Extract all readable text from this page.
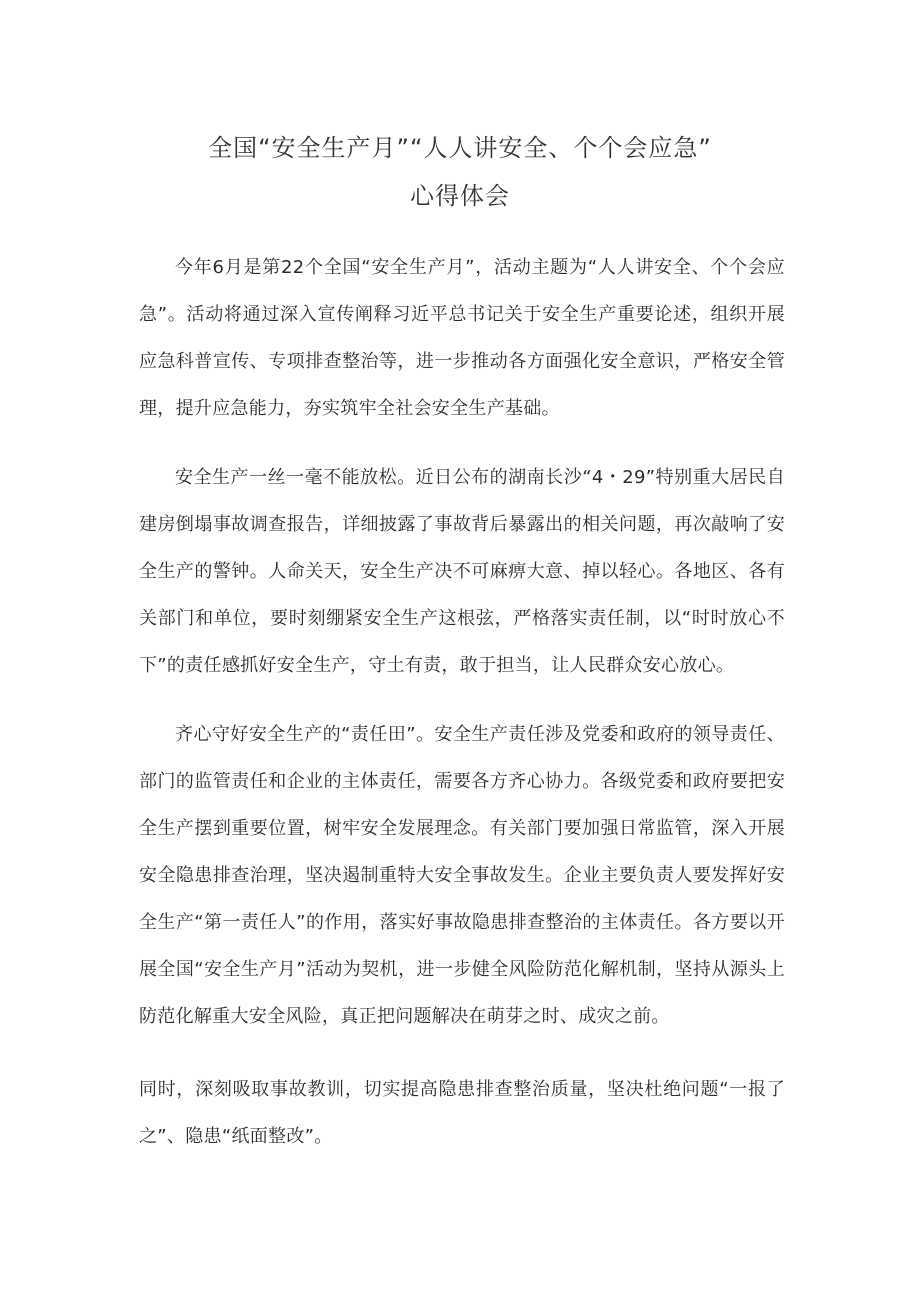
全国“安全生产月”“人人讲安全、个个会应急”
心得体会

今年6月是第22个全国“安全生产月”，活动主题为“人人讲安全、个个会应急”。活动将通过深入宣传阐释习近平总书记关于安全生产重要论述，组织开展应急科普宣传、专项排查整治等，进一步推动各方面强化安全意识，严格安全管理，提升应急能力，夯实筑牢全社会安全生产基础。

安全生产一丝一毫不能放松。近日公布的湖南长沙“4・29”特别重大居民自建房倒塌事故调查报告，详细披露了事故背后暴露出的相关问题，再次敲响了安全生产的警钟。人命关天，安全生产决不可麻痹大意、掉以轻心。各地区、各有关部门和单位，要时刻绷紧安全生产这根弦，严格落实责任制，以“时时放心不下”的责任感抓好安全生产，守土有责，敢于担当，让人民群众安心放心。

齐心守好安全生产的“责任田”。安全生产责任涉及党委和政府的领导责任、部门的监管责任和企业的主体责任，需要各方齐心协力。各级党委和政府要把安全生产摆到重要位置，树牢安全发展理念。有关部门要加强日常监管，深入开展安全隐患排查治理，坚决遏制重特大安全事故发生。企业主要负责人要发挥好安全生产“第一责任人”的作用，落实好事故隐患排查整治的主体责任。各方要以开展全国“安全生产月”活动为契机，进一步健全风险防范化解机制，坚持从源头上防范化解重大安全风险，真正把问题解决在萌芽之时、成灾之前。

同时，深刻吸取事故教训，切实提高隐患排查整治质量，坚决杜绝问题“一报了之”、隐患“纸面整改”。
